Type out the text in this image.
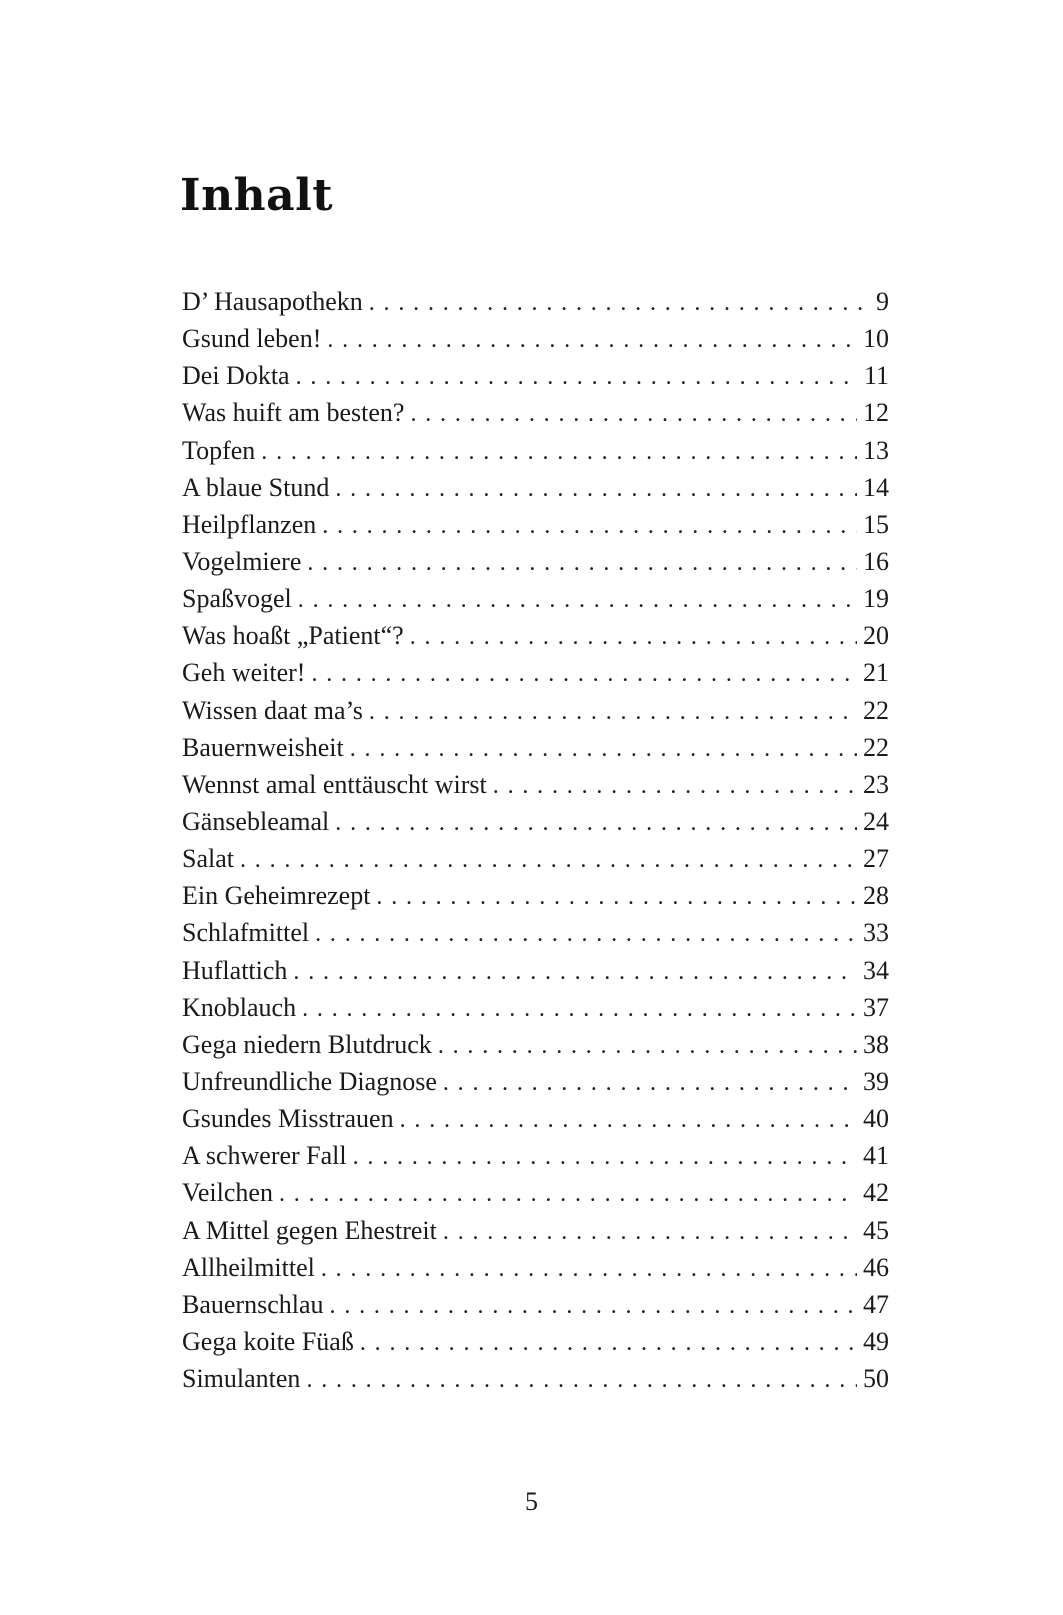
Inhalt
D’ Hausapothekn . . .	9
Gsund leben! . . .	10
Dei Dokta . . .	11
Was huift am besten? . . .	12
Topfen . . .	13
A blaue Stund . . .	14
Heilpflanzen . . .	15
Vogelmiere . . .	16
Spaßvogel . . .	19
Was hoaßt „Patient“? . . .	20
Geh weiter! . . .	21
Wissen daat ma’s . . .	22
Bauernweisheit . . .	22
Wennst amal enttäuscht wirst . . .	23
Gänsebleamal . . .	24
Salat . . .	27
Ein Geheimrezept . . .	28
Schlafmittel . . .	33
Huflattich . . .	34
Knoblauch . . .	37
Gega niedern Blutdruck . . .	38
Unfreundliche Diagnose . . .	39
Gsundes Misstrauen . . .	40
A schwerer Fall . . .	41
Veilchen . . .	42
A Mittel gegen Ehestreit . . .	45
Allheilmittel . . .	46
Bauernschlau . . .	47
Gega koite Füaß . . .	49
Simulanten . . .	50
5
